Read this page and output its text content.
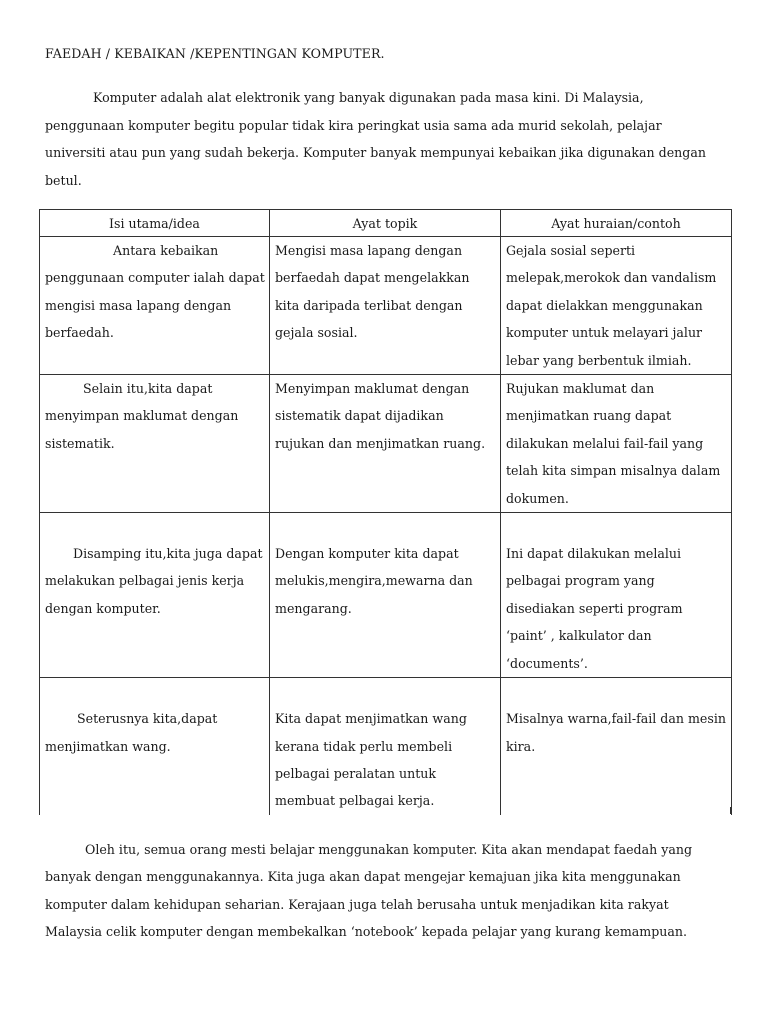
FAEDAH / KEBAIKAN /KEPENTINGAN KOMPUTER.

Komputer adalah alat elektronik yang banyak digunakan pada masa kini. Di Malaysia, penggunaan komputer begitu popular tidak kira peringkat usia sama ada murid sekolah, pelajar universiti atau pun yang sudah bekerja. Komputer banyak mempunyai kebaikan jika digunakan dengan betul.

Isi utama/idea	Ayat topik	Ayat huraian/contoh
Antara kebaikan penggunaan computer ialah dapat mengisi masa lapang dengan berfaedah.	Mengisi masa lapang dengan berfaedah dapat mengelakkan kita daripada terlibat dengan gejala sosial.	Gejala sosial seperti melepak,merokok dan vandalism dapat dielakkan menggunakan komputer untuk melayari jalur lebar yang berbentuk ilmiah.
Selain itu,kita dapat menyimpan maklumat dengan sistematik.	Menyimpan maklumat dengan sistematik dapat dijadikan rujukan dan menjimatkan ruang.	Rujukan maklumat dan menjimatkan ruang dapat dilakukan melalui fail-fail yang telah kita simpan misalnya dalam dokumen.

Disamping itu,kita juga dapat melakukan pelbagai jenis kerja dengan komputer.	Dengan komputer kita dapat melukis,mengira,mewarna dan mengarang.	Ini dapat dilakukan melalui pelbagai program yang disediakan seperti program ‘paint’ , kalkulator dan ‘documents’.

Seterusnya kita,dapat menjimatkan wang.	Kita dapat menjimatkan wang kerana tidak perlu membeli pelbagai peralatan untuk membuat pelbagai kerja.	Misalnya warna,fail-fail dan mesin kira.

Oleh itu, semua orang mesti belajar menggunakan komputer. Kita akan mendapat faedah yang banyak dengan menggunakannya. Kita juga akan dapat mengejar kemajuan jika kita menggunakan komputer dalam kehidupan seharian. Kerajaan juga telah berusaha untuk menjadikan kita rakyat Malaysia celik komputer dengan membekalkan ‘notebook’ kepada pelajar yang kurang kemampuan.
